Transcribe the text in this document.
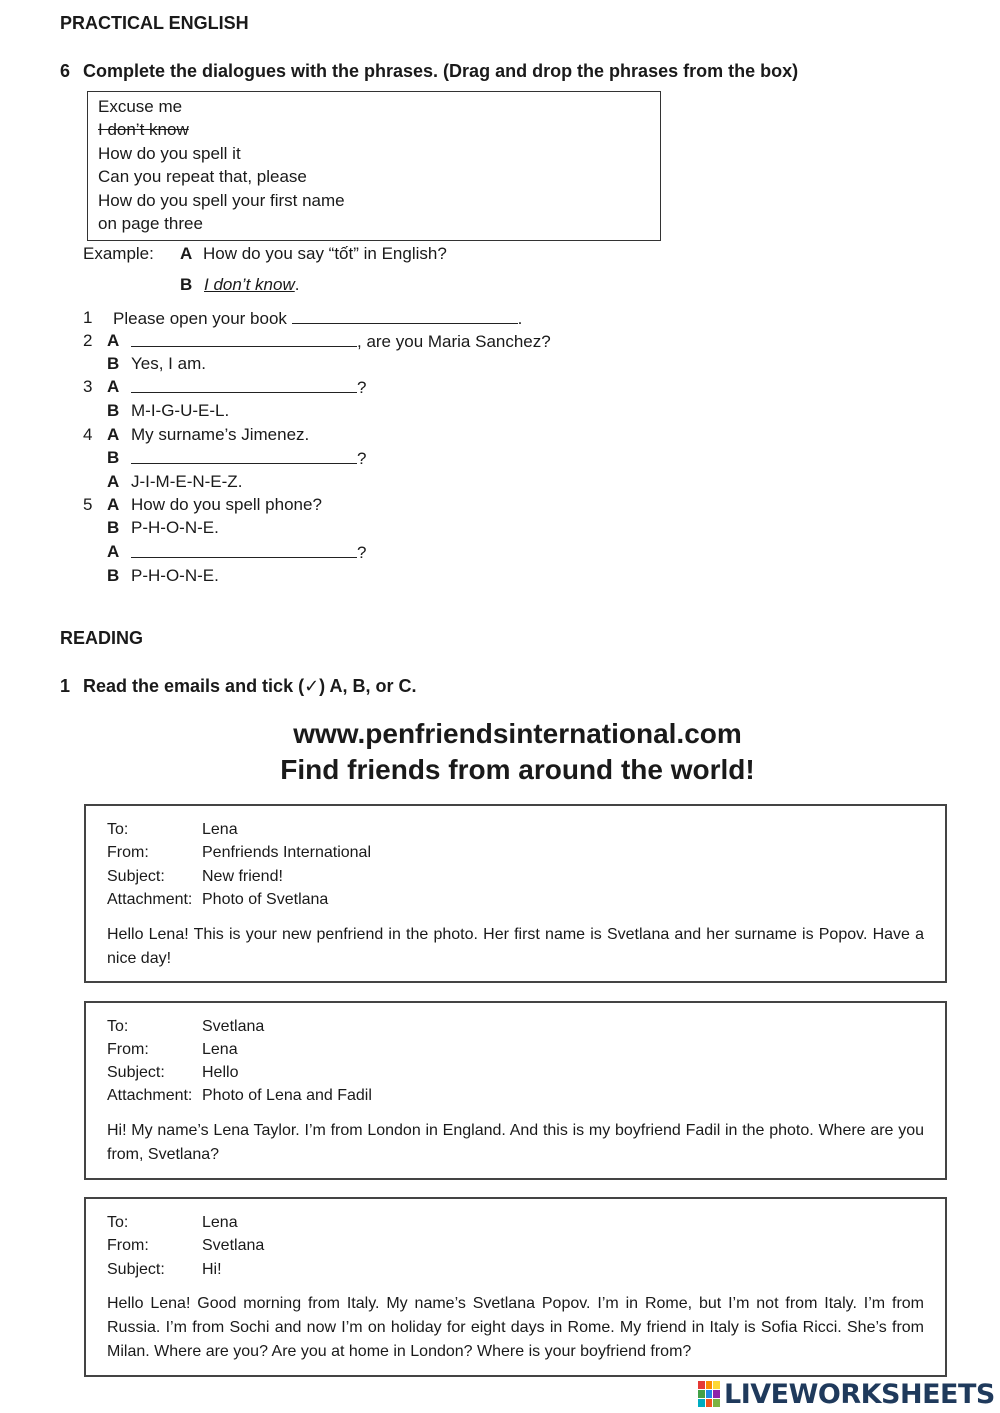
PRACTICAL ENGLISH
6 Complete the dialogues with the phrases. (Drag and drop the phrases from the box)
Excuse me
I don’t know
How do you spell it
Can you repeat that, please
How do you spell your first name
on page three
Example: A How do you say “tốt” in English?
B I don’t know.
1 Please open your book	.
2 A	, are you Maria Sanchez?
B Yes, I am.
3 A	?
B M-I-G-U-E-L.
4 A My surname’s Jimenez.
B	?
A J-I-M-E-N-E-Z.
5 A How do you spell phone?
B P-H-O-N-E.
A	?
B P-H-O-N-E.
READING
1 Read the emails and tick (✓) A, B, or C.
www.penfriendsinternational.com
Find friends from around the world!
To:	Lena
From:	Penfriends International
Subject: New friend!
Attachment: Photo of Svetlana
Hello Lena! This is your new penfriend in the photo. Her first name is Svetlana and her surname is Popov. Have a nice day!
To:	Svetlana
From:	Lena
Subject: Hello
Attachment: Photo of Lena and Fadil
Hi! My name’s Lena Taylor. I’m from London in England. And this is my boyfriend Fadil in the photo. Where are you from, Svetlana?
To:	Lena
From:	Svetlana
Subject: Hi!
Hello Lena! Good morning from Italy. My name’s Svetlana Popov. I’m in Rome, but I’m not from Italy. I’m from Russia. I’m from Sochi and now I’m on holiday for eight days in Rome. My friend in Italy is Sofia Ricci. She’s from Milan. Where are you? Are you at home in London? Where is your boyfriend from?
LIVEWORKSHEETS
